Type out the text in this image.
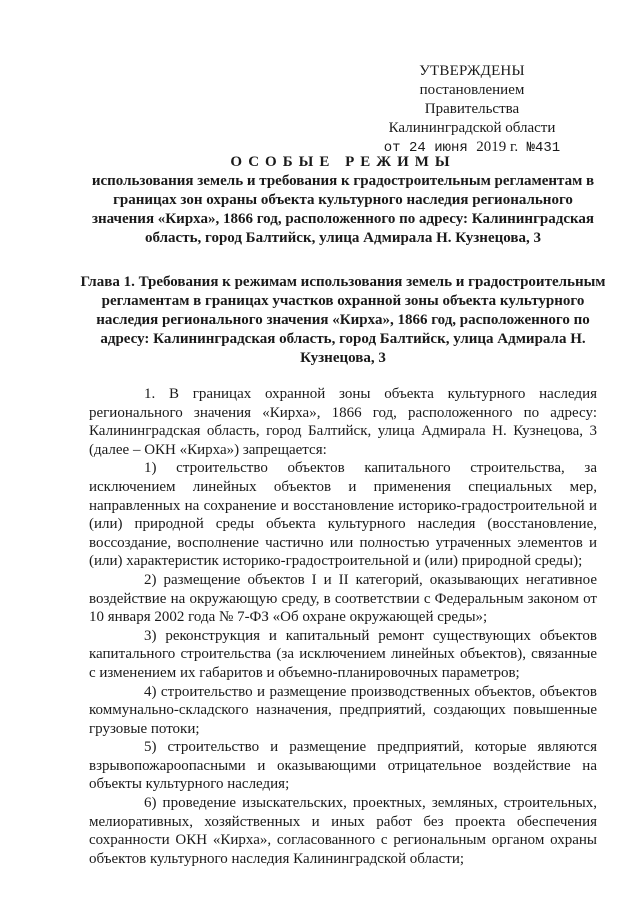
УТВЕРЖДЕНЫ
постановлением Правительства
Калининградской области
от 24 июня 2019 г. №431
ОСОБЫЕ РЕЖИМЫ
использования земель и требования к градостроительным регламентам в границах зон охраны объекта культурного наследия регионального значения «Кирха», 1866 год, расположенного по адресу: Калининградская область, город Балтийск, улица Адмирала Н. Кузнецова, 3
Глава 1. Требования к режимам использования земель и градостроительным регламентам в границах участков охранной зоны объекта культурного наследия регионального значения «Кирха», 1866 год, расположенного по адресу: Калининградская область, город Балтийск, улица Адмирала Н. Кузнецова, 3

1. В границах охранной зоны объекта культурного наследия регионального значения «Кирха», 1866 год, расположенного по адресу: Калининградская область, город Балтийск, улица Адмирала Н. Кузнецова, 3 (далее – ОКН «Кирха») запрещается:

1) строительство объектов капитального строительства, за исключением линейных объектов и применения специальных мер, направленных на сохранение и восстановление историко-градостроительной и (или) природной среды объекта культурного наследия (восстановление, воссоздание, восполнение частично или полностью утраченных элементов и (или) характеристик историко-градостроительной и (или) природной среды);

2) размещение объектов I и II категорий, оказывающих негативное воздействие на окружающую среду, в соответствии с Федеральным законом от 10 января 2002 года № 7-ФЗ «Об охране окружающей среды»;

3) реконструкция и капитальный ремонт существующих объектов капитального строительства (за исключением линейных объектов), связанные с изменением их габаритов и объемно-планировочных параметров;

4) строительство и размещение производственных объектов, объектов коммунально-складского назначения, предприятий, создающих повышенные грузовые потоки;

5) строительство и размещение предприятий, которые являются взрывопожароопасными и оказывающими отрицательное воздействие на объекты культурного наследия;

6) проведение изыскательских, проектных, земляных, строительных, мелиоративных, хозяйственных и иных работ без проекта обеспечения сохранности ОКН «Кирха», согласованного с региональным органом охраны объектов культурного наследия Калининградской области;
